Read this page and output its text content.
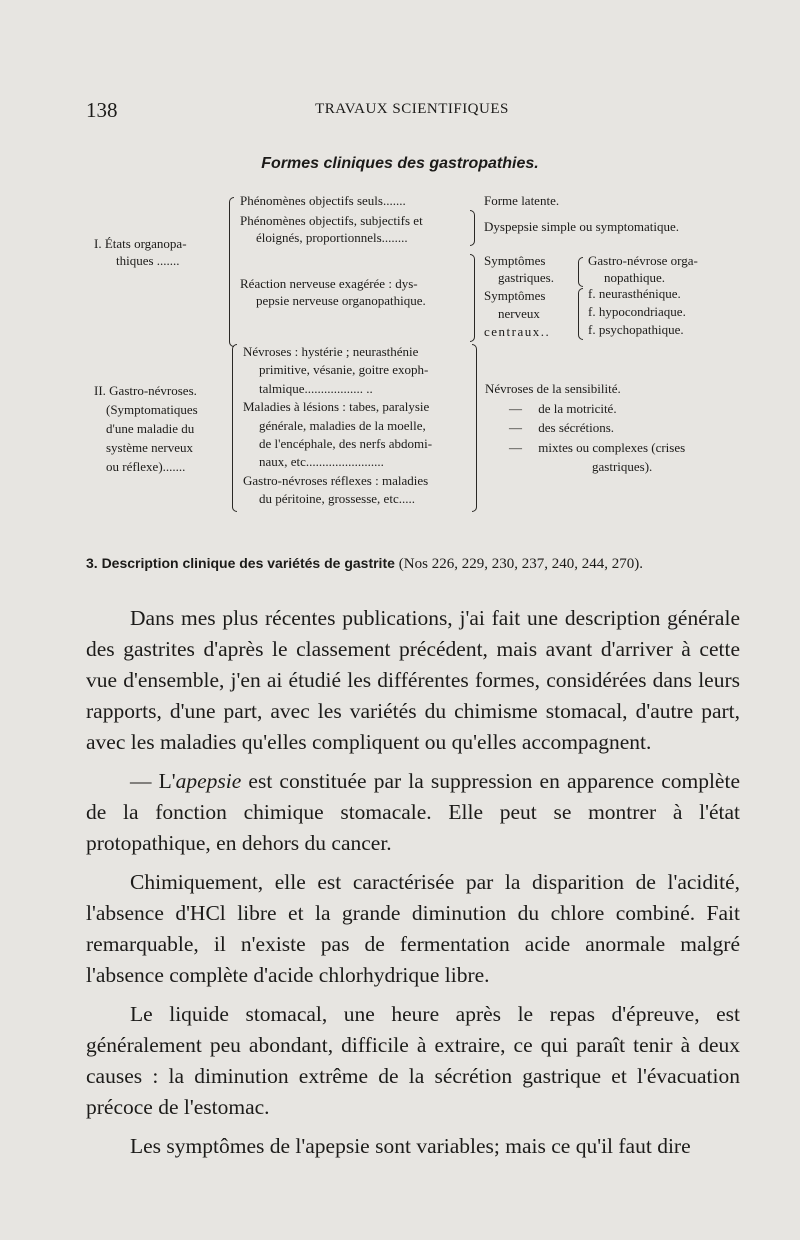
138	TRAVAUX SCIENTIFIQUES
Formes cliniques des gastropathies.
I. États organopa-
thiques .......
Phénomènes objectifs seuls.......	Forme latente.
Phénomènes objectifs, subjectifs et
éloignés, proportionnels........
Dyspepsie simple ou symptomatique.
Réaction nerveuse exagérée : dys-
pepsie nerveuse organopathique.
Symptômes
gastriques.
Gastro-névrose orga-
nopathique.
Symptômes
nerveux
centraux..
f. neurasthénique.
f. hypocondriaque.
f. psychopathique.
II. Gastro-névroses.
(Symptomatiques
d'une maladie du
système nerveux
ou réflexe).......
Névroses : hystérie ; neurasthénie
primitive, vésanie, goitre exoph-
talmique.................. ..
Maladies à lésions : tabes, paralysie
générale, maladies de la moelle,
de l'encéphale, des nerfs abdomi-
naux, etc........................
Gastro-névroses réflexes : maladies
du péritoine, grossesse, etc.....
Névroses de la sensibilité.
—     de la motricité.
—     des sécrétions.
—     mixtes ou complexes (crises
gastriques).
3. Description clinique des variétés de gastrite (Nos 226, 229, 230, 237, 240, 244, 270).

Dans mes plus récentes publications, j'ai fait une description générale des gastrites d'après le classement précédent, mais avant d'arriver à cette vue d'ensemble, j'en ai étudié les différentes formes, considérées dans leurs rapports, d'une part, avec les variétés du chimisme stomacal, d'autre part, avec les maladies qu'elles compliquent ou qu'elles accompagnent.

— L'apepsie est constituée par la suppression en apparence complète de la fonction chimique stomacale. Elle peut se montrer à l'état protopathique, en dehors du cancer.

Chimiquement, elle est caractérisée par la disparition de l'acidité, l'absence d'HCl libre et la grande diminution du chlore combiné. Fait remarquable, il n'existe pas de fermentation acide anormale malgré l'absence complète d'acide chlorhydrique libre.

Le liquide stomacal, une heure après le repas d'épreuve, est généralement peu abondant, difficile à extraire, ce qui paraît tenir à deux causes : la diminution extrême de la sécrétion gastrique et l'évacuation précoce de l'estomac.

Les symptômes de l'apepsie sont variables; mais ce qu'il faut dire
